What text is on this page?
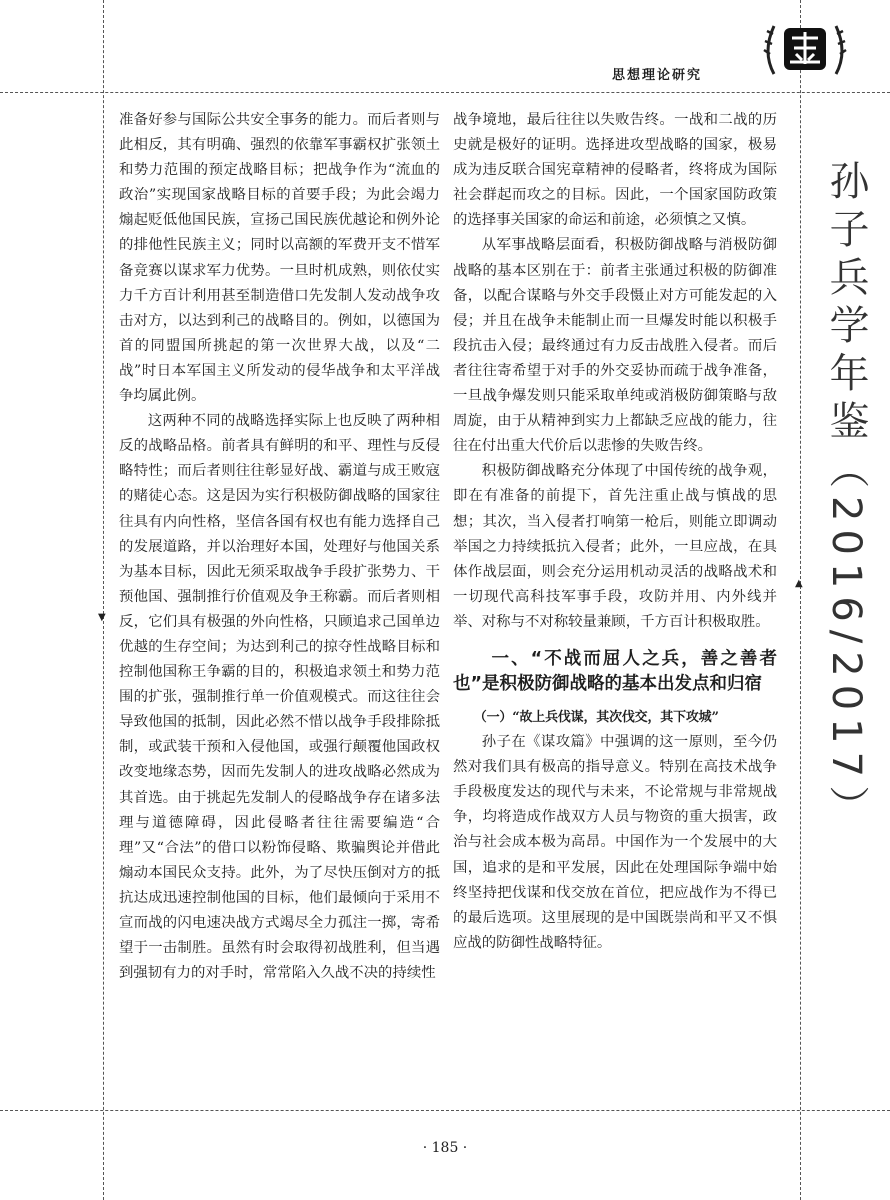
思想理论研究

准备好参与国际公共安全事务的能力。而后者则与此相反，其有明确、强烈的依靠军事霸权扩张领土和势力范围的预定战略目标；把战争作为“流血的政治”实现国家战略目标的首要手段；为此会竭力煽起贬低他国民族，宣扬己国民族优越论和例外论的排他性民族主义；同时以高额的军费开支不惜军备竞赛以谋求军力优势。一旦时机成熟，则依仗实力千方百计利用甚至制造借口先发制人发动战争攻击对方，以达到利己的战略目的。例如，以德国为首的同盟国所挑起的第一次世界大战，以及“二战”时日本军国主义所发动的侵华战争和太平洋战争均属此例。

这两种不同的战略选择实际上也反映了两种相反的战略品格。前者具有鲜明的和平、理性与反侵略特性；而后者则往往彰显好战、霸道与成王败寇的赌徒心态。这是因为实行积极防御战略的国家往往具有内向性格，坚信各国有权也有能力选择自己的发展道路，并以治理好本国，处理好与他国关系为基本目标，因此无须采取战争手段扩张势力、干预他国、强制推行价值观及争王称霸。而后者则相反，它们具有极强的外向性格，只顾追求己国单边优越的生存空间；为达到利己的掠夺性战略目标和控制他国称王争霸的目的，积极追求领土和势力范围的扩张，强制推行单一价值观模式。而这往往会导致他国的抵制，因此必然不惜以战争手段排除抵制，或武装干预和入侵他国，或强行颠覆他国政权改变地缘态势，因而先发制人的进攻战略必然成为其首选。由于挑起先发制人的侵略战争存在诸多法理与道德障碍，因此侵略者往往需要编造“合理”又“合法”的借口以粉饰侵略、欺骗舆论并借此煽动本国民众支持。此外，为了尽快压倒对方的抵抗达成迅速控制他国的目标，他们最倾向于采用不宣而战的闪电速决战方式竭尽全力孤注一掷，寄希望于一击制胜。虽然有时会取得初战胜利，但当遇到强韧有力的对手时，常常陷入久战不决的持续性

战争境地，最后往往以失败告终。一战和二战的历史就是极好的证明。选择进攻型战略的国家，极易成为违反联合国宪章精神的侵略者，终将成为国际社会群起而攻之的目标。因此，一个国家国防政策的选择事关国家的命运和前途，必须慎之又慎。

从军事战略层面看，积极防御战略与消极防御战略的基本区别在于：前者主张通过积极的防御准备，以配合谋略与外交手段慑止对方可能发起的入侵；并且在战争未能制止而一旦爆发时能以积极手段抗击入侵；最终通过有力反击战胜入侵者。而后者往往寄希望于对手的外交妥协而疏于战争准备，一旦战争爆发则只能采取单纯或消极防御策略与敌周旋，由于从精神到实力上都缺乏应战的能力，往往在付出重大代价后以悲惨的失败告终。

积极防御战略充分体现了中国传统的战争观，即在有准备的前提下，首先注重止战与慎战的思想；其次，当入侵者打响第一枪后，则能立即调动举国之力持续抵抗入侵者；此外，一旦应战，在具体作战层面，则会充分运用机动灵活的战略战术和一切现代高科技军事手段，攻防并用、内外线并举、对称与不对称较量兼顾，千方百计积极取胜。

一、“不战而屈人之兵，善之善者也”是积极防御战略的基本出发点和归宿

（一）“故上兵伐谋，其次伐交，其下攻城”

孙子在《谋攻篇》中强调的这一原则，至今仍然对我们具有极高的指导意义。特别在高技术战争手段极度发达的现代与未来，不论常规与非常规战争，均将造成作战双方人员与物资的重大损害，政治与社会成本极为高昂。中国作为一个发展中的大国，追求的是和平发展，因此在处理国际争端中始终坚持把伐谋和伐交放在首位，把应战作为不得已的最后选项。这里展现的是中国既崇尚和平又不惧应战的防御性战略特征。

孙子兵学年鉴（2016/2017）
▼
▲
· 185 ·
